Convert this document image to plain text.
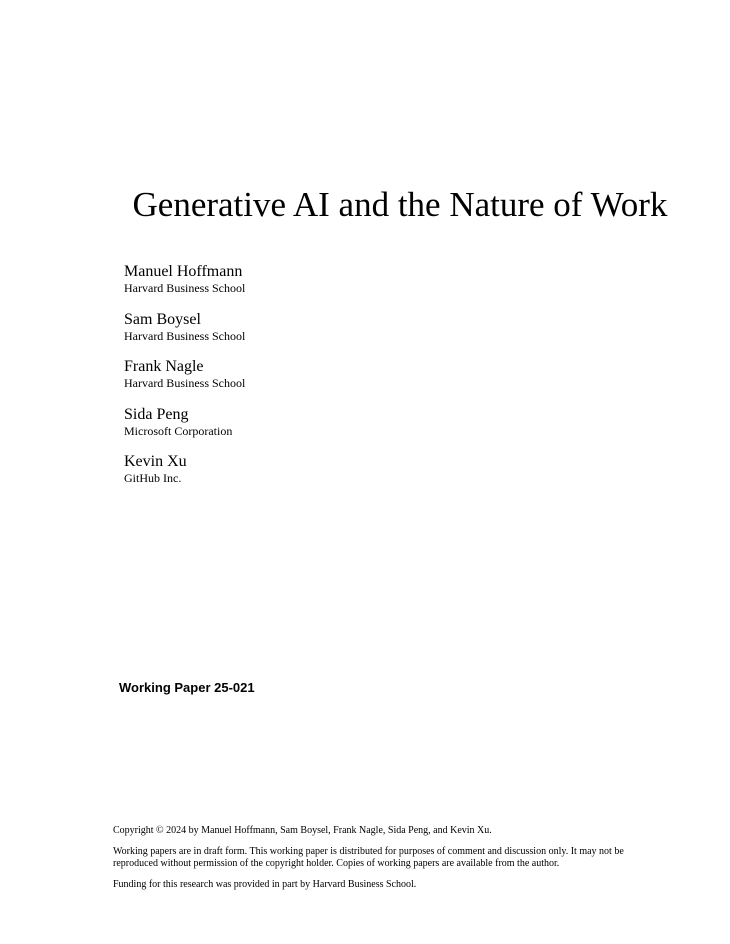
Generative AI and the Nature of Work
Manuel Hoffmann
Harvard Business School
Sam Boysel
Harvard Business School
Frank Nagle
Harvard Business School
Sida Peng
Microsoft Corporation
Kevin Xu
GitHub Inc.
Working Paper 25-021

Copyright © 2024 by Manuel Hoffmann, Sam Boysel, Frank Nagle, Sida Peng, and Kevin Xu.

Working papers are in draft form. This working paper is distributed for purposes of comment and discussion only. It may not be reproduced without permission of the copyright holder. Copies of working papers are available from the author.

Funding for this research was provided in part by Harvard Business School.
